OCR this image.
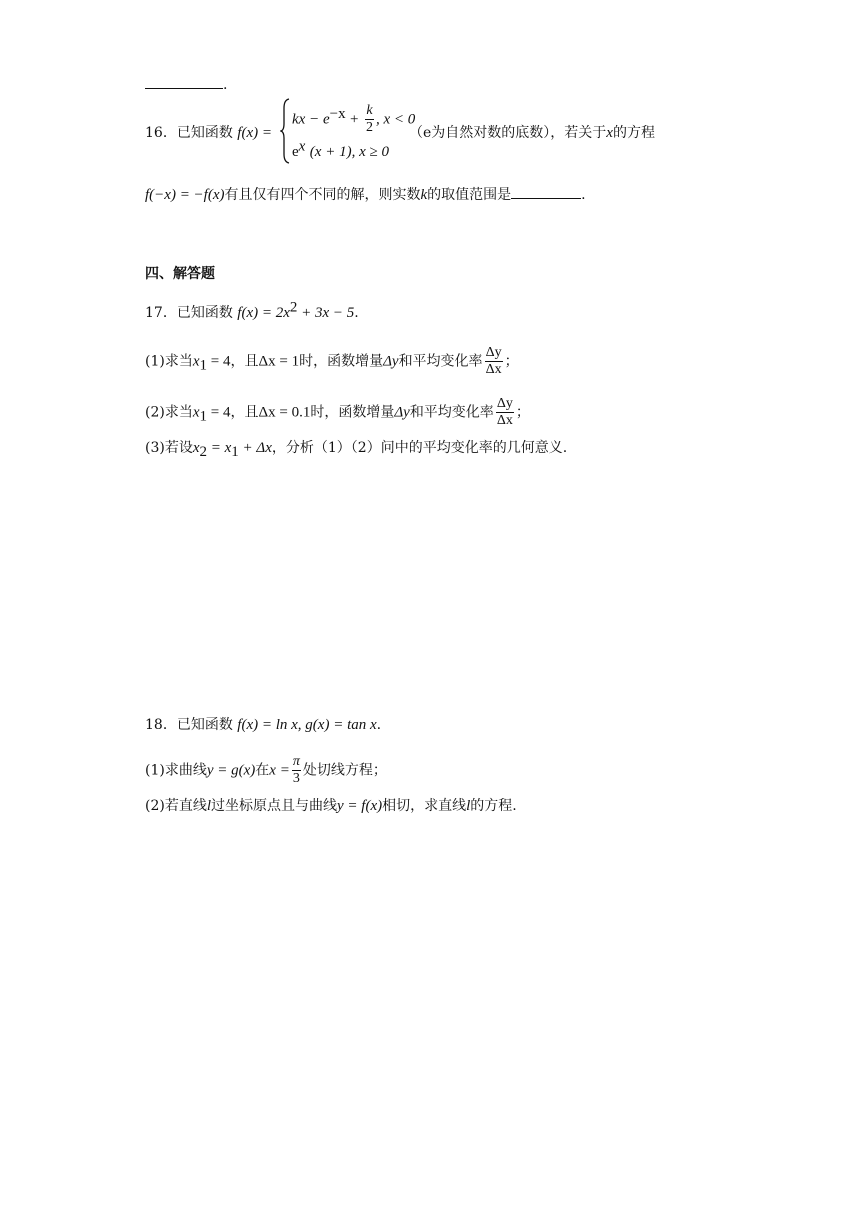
.
16．已知函数 f(x) =
kx − $e^{-x} + \frac{k}{2}$ , x < 0
$e^x$ (x + 1), x ≥ 0
（e为自然对数的底数），若关于x的方程
f(−x) = −f(x)有且仅有四个不同的解，则实数k的取值范围是	.
四、解答题
17．已知函数 $f(x) = 2x^2 + 3x - 5$.
(1)求当$x_1 = 4$，且Δx = 1时，函数增量Δy和平均变化率 $\frac{\Delta y}{\Delta x}$ ；
(2)求当$x_1 = 4$，且Δx = 0.1时，函数增量Δy和平均变化率 $\frac{\Delta y}{\Delta x}$ ；
(3)若设$x_2 = x_1 + \Delta x$，分析（1）（2）问中的平均变化率的几何意义.
18．已知函数 f(x) = ln x, g(x) = tan x.
(1)求曲线y = g(x)在$x = \frac{\pi}{3}$ 处切线方程；
(2)若直线l过坐标原点且与曲线y = f(x)相切，求直线l的方程.
